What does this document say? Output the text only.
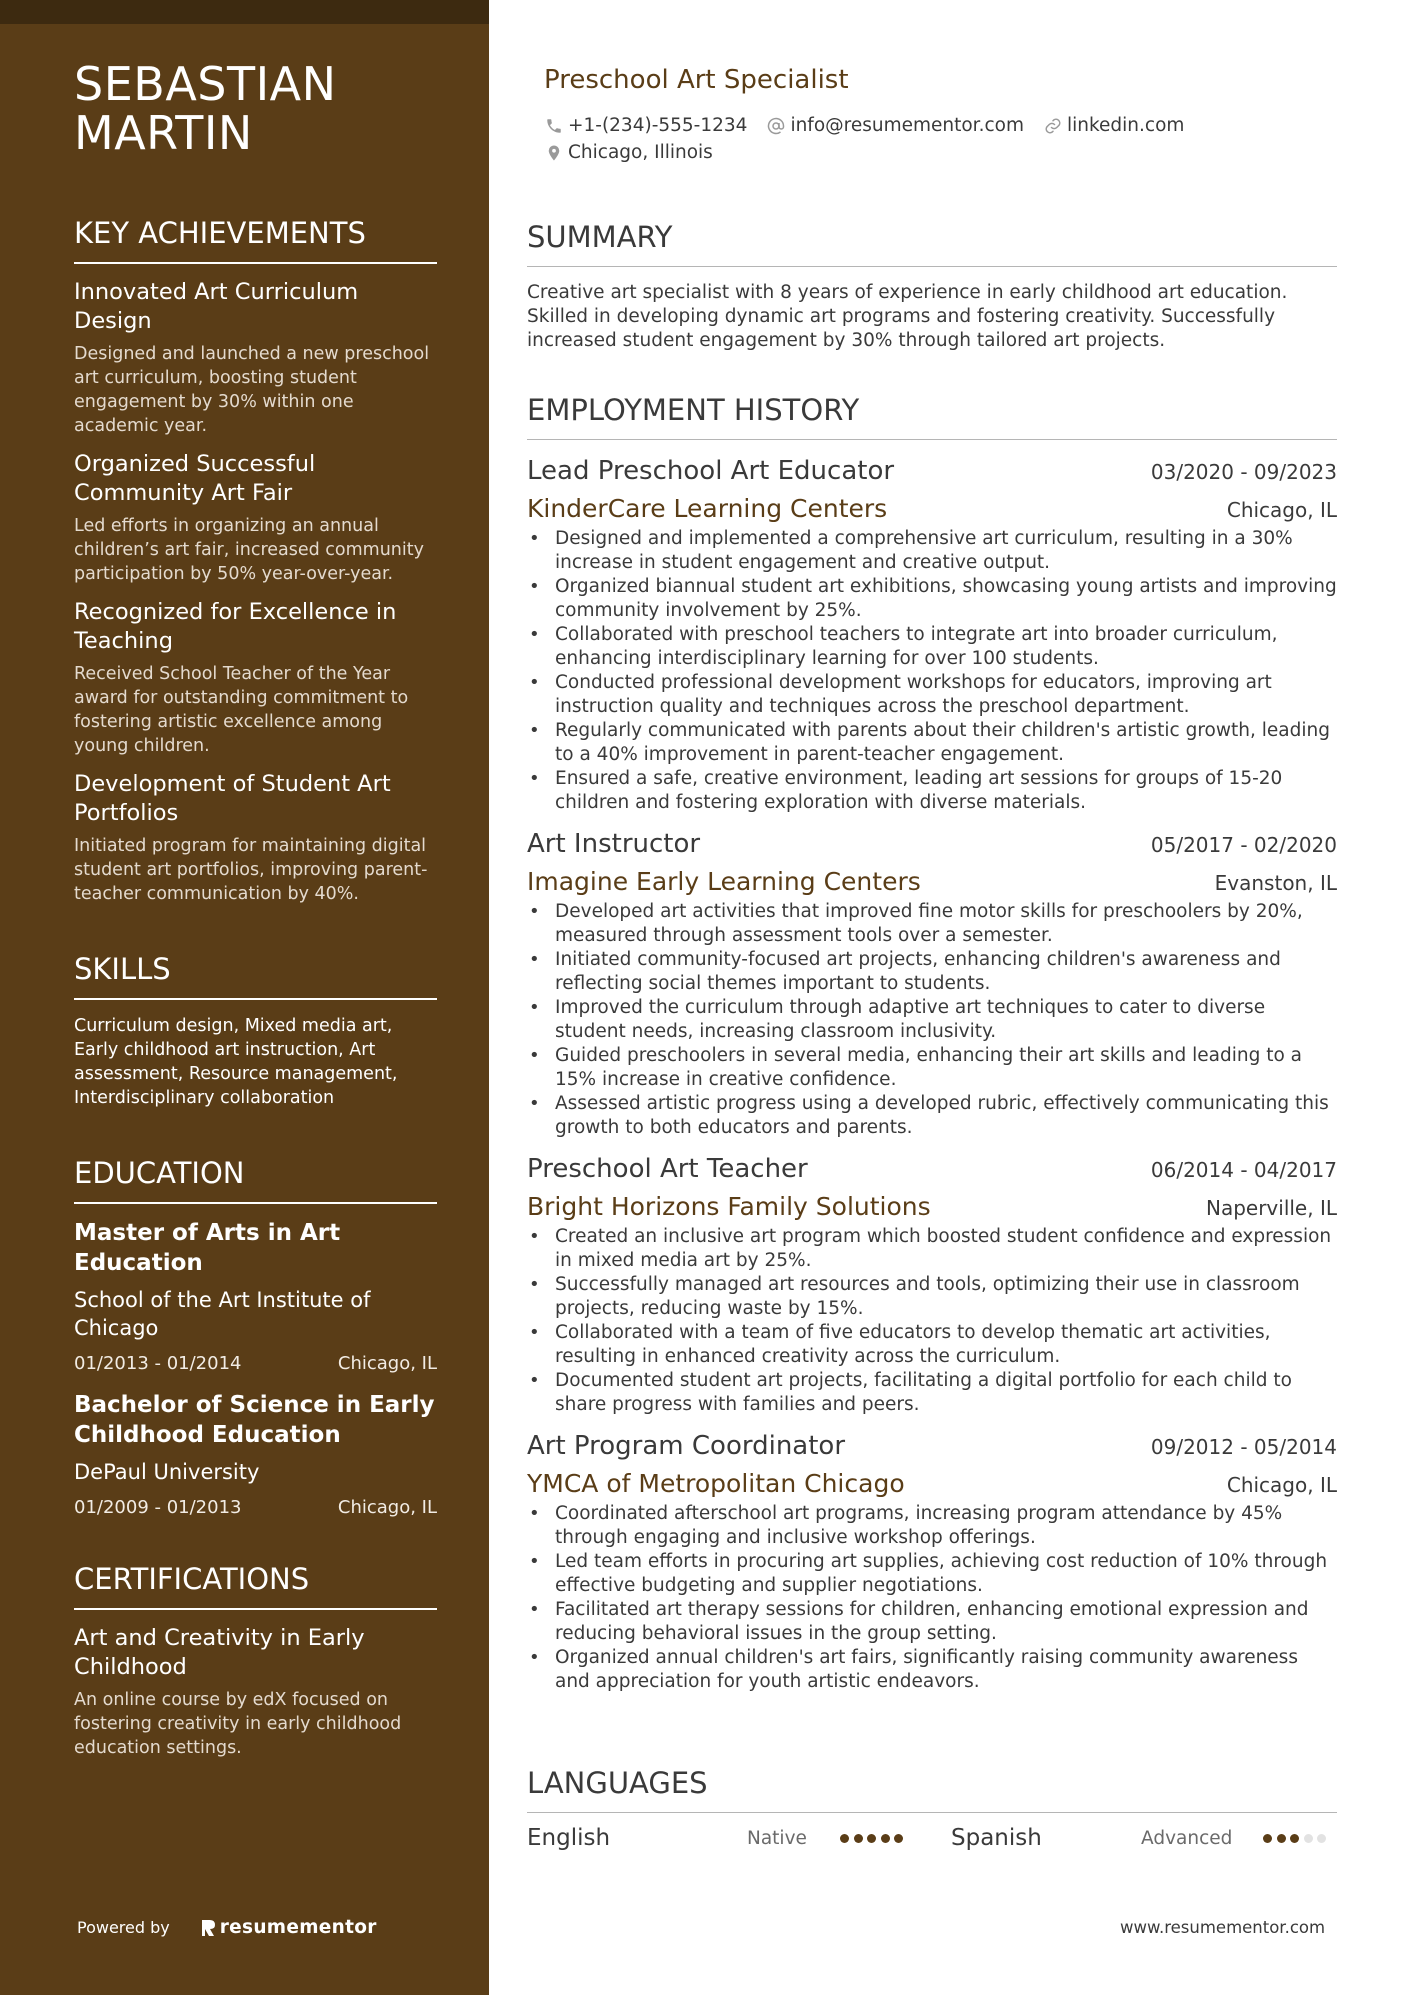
SEBASTIAN
MARTIN
KEY ACHIEVEMENTS
Innovated Art Curriculum Design
Designed and launched a new preschool art curriculum, boosting student engagement by 30% within one academic year.
Organized Successful Community Art Fair
Led efforts in organizing an annual children’s art fair, increased community participation by 50% year-over-year.
Recognized for Excellence in Teaching
Received School Teacher of the Year award for outstanding commitment to fostering artistic excellence among young children.
Development of Student Art Portfolios
Initiated program for maintaining digital student art portfolios, improving parent-teacher communication by 40%.
SKILLS
Curriculum design, Mixed media art, Early childhood art instruction, Art assessment, Resource management, Interdisciplinary collaboration
EDUCATION
Master of Arts in Art Education
School of the Art Institute of Chicago
01/2013 - 01/2014	Chicago, IL
Bachelor of Science in Early Childhood Education
DePaul University
01/2009 - 01/2013	Chicago, IL
CERTIFICATIONS
Art and Creativity in Early Childhood
An online course by edX focused on fostering creativity in early childhood education settings.
Powered by	resumementor
Preschool Art Specialist
+1-(234)-555-1234 info@resumementor.com linkedin.com
Chicago, Illinois
SUMMARY
Creative art specialist with 8 years of experience in early childhood art education. Skilled in developing dynamic art programs and fostering creativity. Successfully increased student engagement by 30% through tailored art projects.
EMPLOYMENT HISTORY
Lead Preschool Art Educator	03/2020 - 09/2023
KinderCare Learning Centers	Chicago, IL
• Designed and implemented a comprehensive art curriculum, resulting in a 30% increase in student engagement and creative output.
• Organized biannual student art exhibitions, showcasing young artists and improving community involvement by 25%.
• Collaborated with preschool teachers to integrate art into broader curriculum, enhancing interdisciplinary learning for over 100 students.
• Conducted professional development workshops for educators, improving art instruction quality and techniques across the preschool department.
• Regularly communicated with parents about their children's artistic growth, leading to a 40% improvement in parent-teacher engagement.
• Ensured a safe, creative environment, leading art sessions for groups of 15-20 children and fostering exploration with diverse materials.
Art Instructor	05/2017 - 02/2020
Imagine Early Learning Centers	Evanston, IL
• Developed art activities that improved fine motor skills for preschoolers by 20%, measured through assessment tools over a semester.
• Initiated community-focused art projects, enhancing children's awareness and reflecting social themes important to students.
• Improved the curriculum through adaptive art techniques to cater to diverse student needs, increasing classroom inclusivity.
• Guided preschoolers in several media, enhancing their art skills and leading to a 15% increase in creative confidence.
• Assessed artistic progress using a developed rubric, effectively communicating this growth to both educators and parents.
Preschool Art Teacher	06/2014 - 04/2017
Bright Horizons Family Solutions	Naperville, IL
• Created an inclusive art program which boosted student confidence and expression in mixed media art by 25%.
• Successfully managed art resources and tools, optimizing their use in classroom projects, reducing waste by 15%.
• Collaborated with a team of five educators to develop thematic art activities, resulting in enhanced creativity across the curriculum.
• Documented student art projects, facilitating a digital portfolio for each child to share progress with families and peers.
Art Program Coordinator	09/2012 - 05/2014
YMCA of Metropolitan Chicago	Chicago, IL
• Coordinated afterschool art programs, increasing program attendance by 45% through engaging and inclusive workshop offerings.
• Led team efforts in procuring art supplies, achieving cost reduction of 10% through effective budgeting and supplier negotiations.
• Facilitated art therapy sessions for children, enhancing emotional expression and reducing behavioral issues in the group setting.
• Organized annual children's art fairs, significantly raising community awareness and appreciation for youth artistic endeavors.
LANGUAGES
English	Native	Spanish	Advanced
www.resumementor.com
